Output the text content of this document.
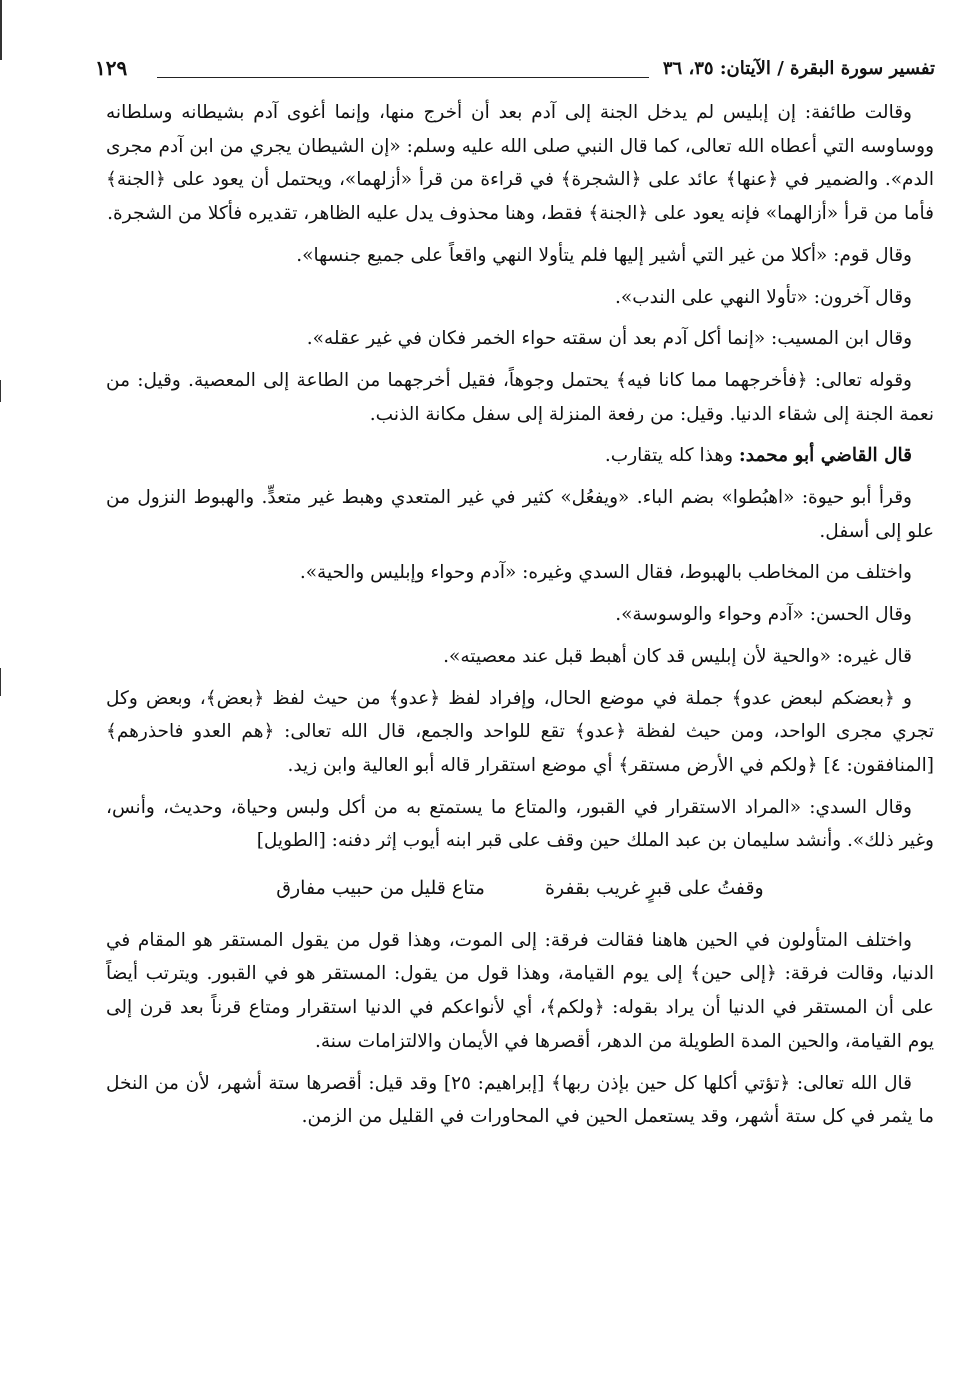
تفسير سورة البقرة / الآيتان: ٣٥، ٣٦
١٢٩

وقالت طائفة: إن إبليس لم يدخل الجنة إلى آدم بعد أن أخرج منها، وإنما أغوى آدم بشيطانه وسلطانه ووساوسه التي أعطاه الله تعالى، كما قال النبي صلى الله عليه وسلم: «إن الشيطان يجري من ابن آدم مجرى الدم». والضمير في ﴿عنها﴾ عائد على ﴿الشجرة﴾ في قراءة من قرأ «أزلهما»، ويحتمل أن يعود على ﴿الجنة﴾ فأما من قرأ «أزالهما» فإنه يعود على ﴿الجنة﴾ فقط، وهنا محذوف يدل عليه الظاهر، تقديره فأكلا من الشجرة.

وقال قوم: «أكلا من غير التي أشير إليها فلم يتأولا النهي واقعاً على جميع جنسها».

وقال آخرون: «تأولا النهي على الندب».

وقال ابن المسيب: «إنما أكل آدم بعد أن سقته حواء الخمر فكان في غير عقله».

وقوله تعالى: ﴿فأخرجهما مما كانا فيه﴾ يحتمل وجوهاً، فقيل أخرجهما من الطاعة إلى المعصية. وقيل: من نعمة الجنة إلى شقاء الدنيا. وقيل: من رفعة المنزلة إلى سفل مكانة الذنب.

قال القاضي أبو محمد: وهذا كله يتقارب.

وقرأ أبو حيوة: «اهبُطوا» بضم الباء. «ويفعُل» كثير في غير المتعدي وهبط غير متعدٍّ. والهبوط النزول من علو إلى أسفل.

واختلف من المخاطب بالهبوط، فقال السدي وغيره: «آدم وحواء وإبليس والحية».

وقال الحسن: «آدم وحواء والوسوسة».

قال غيره: «والحية لأن إبليس قد كان أهبط قبل عند معصيته».

و ﴿بعضكم لبعض عدو﴾ جملة في موضع الحال، وإفراد لفظ ﴿عدو﴾ من حيث لفظ ﴿بعض﴾، وبعض وكل تجري مجرى الواحد، ومن حيث لفظة ﴿عدو﴾ تقع للواحد والجمع، قال الله تعالى: ﴿هم العدو فاحذرهم﴾ [المنافقون: ٤] ﴿ولكم في الأرض مستقر﴾ أي موضع استقرار قاله أبو العالية وابن زيد.

وقال السدي: «المراد الاستقرار في القبور، والمتاع ما يستمتع به من أكل ولبس وحياة، وحديث، وأنس، وغير ذلك». وأنشد سليمان بن عبد الملك حين وقف على قبر ابنه أيوب إثر دفنه: [الطويل]

وقفتُ على قبرٍ غريب بقفرةمتاع قليل من حبيب مفارق

واختلف المتأولون في الحين هاهنا فقالت فرقة: إلى الموت، وهذا قول من يقول المستقر هو المقام في الدنيا، وقالت فرقة: ﴿إلى حين﴾ إلى يوم القيامة، وهذا قول من يقول: المستقر هو في القبور. ويترتب أيضاً على أن المستقر في الدنيا أن يراد بقوله: ﴿ولكم﴾، أي لأنواعكم في الدنيا استقرار ومتاع قرناً بعد قرن إلى يوم القيامة، والحين المدة الطويلة من الدهر، أقصرها في الأيمان والالتزامات سنة.

قال الله تعالى: ﴿تؤتي أكلها كل حين بإذن ربها﴾ [إبراهيم: ٢٥] وقد قيل: أقصرها ستة أشهر، لأن من النخل ما يثمر في كل ستة أشهر، وقد يستعمل الحين في المحاورات في القليل من الزمن.
